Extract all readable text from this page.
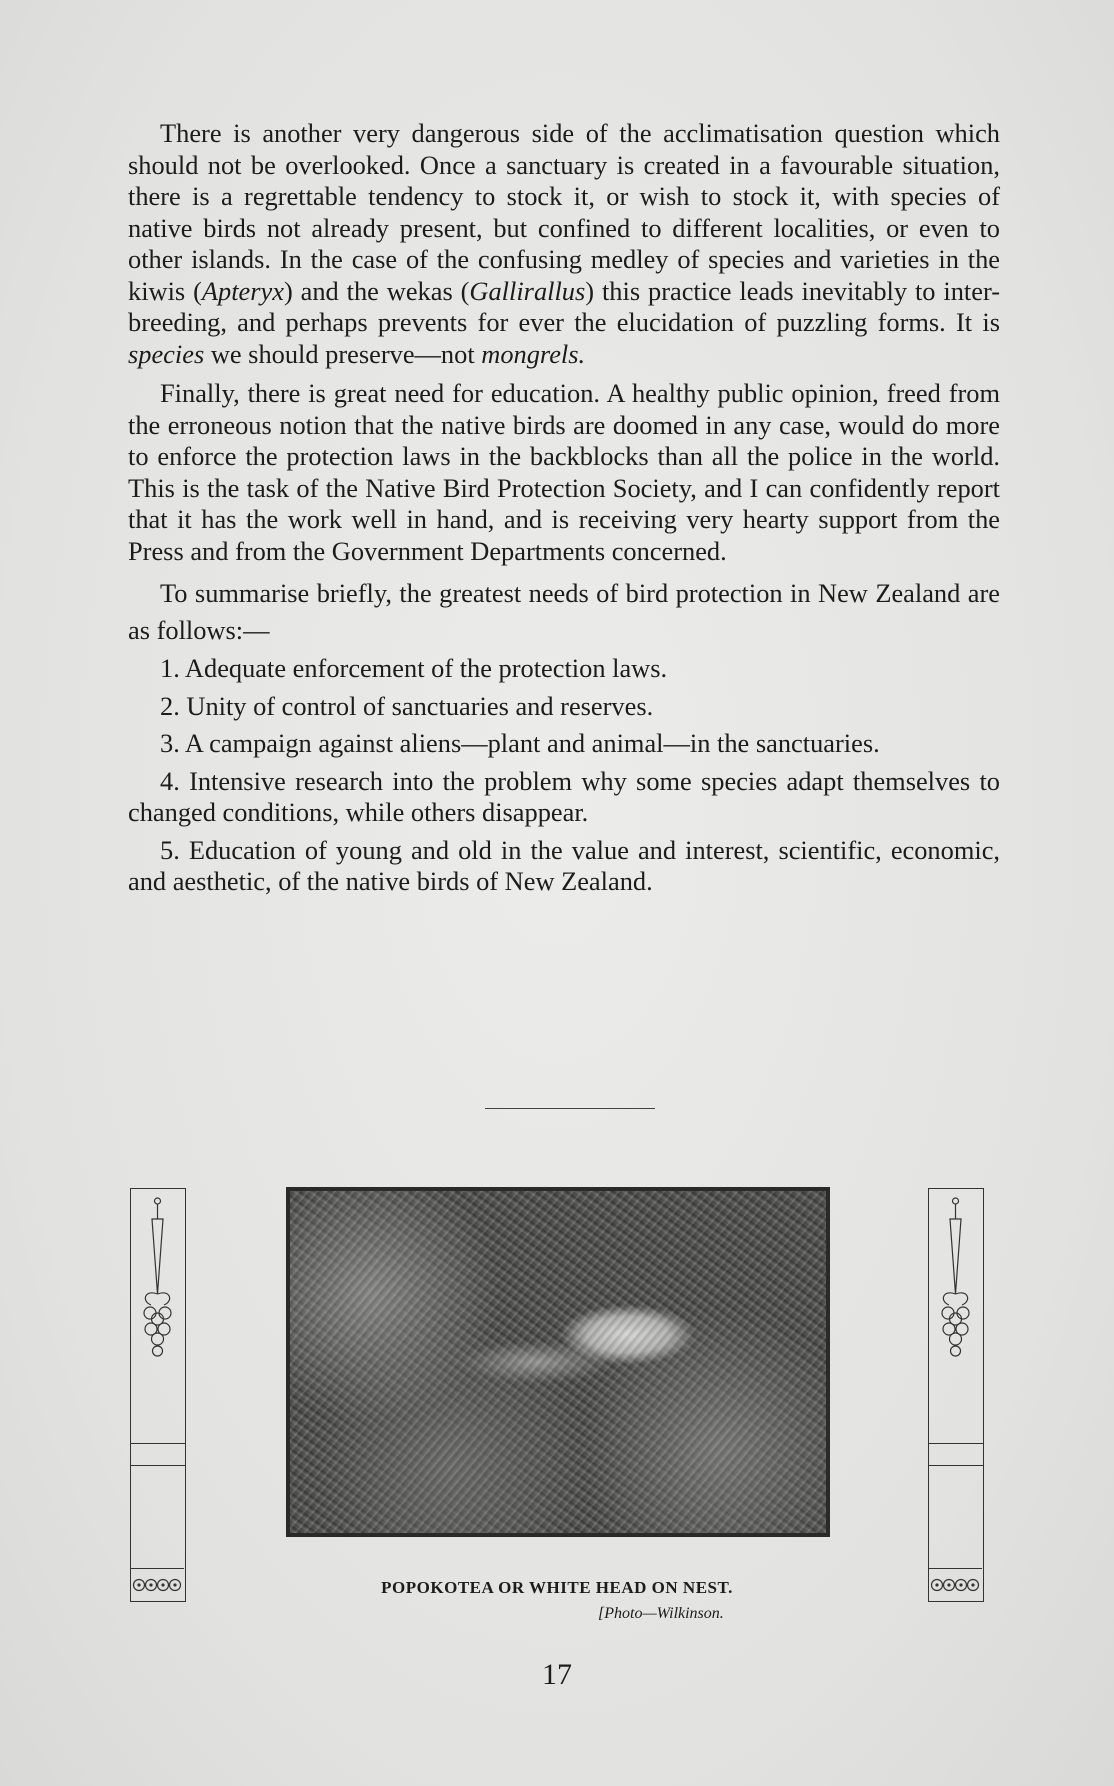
There is another very dangerous side of the acclimatisation question which should not be overlooked. Once a sanctuary is created in a favourable situation, there is a regrettable tendency to stock it, or wish to stock it, with species of native birds not already present, but confined to different localities, or even to other islands. In the case of the confusing medley of species and varieties in the kiwis (Apteryx) and the wekas (Gallirallus) this practice leads inevitably to inter-breeding, and perhaps prevents for ever the elucidation of puzzling forms. It is species we should preserve—not mongrels.

Finally, there is great need for education. A healthy public opinion, freed from the erroneous notion that the native birds are doomed in any case, would do more to enforce the protection laws in the backblocks than all the police in the world. This is the task of the Native Bird Protection Society, and I can confidently report that it has the work well in hand, and is receiving very hearty support from the Press and from the Government Departments concerned.

To summarise briefly, the greatest needs of bird protection in New Zealand are as follows:—

1. Adequate enforcement of the protection laws.
2. Unity of control of sanctuaries and reserves.
3. A campaign against aliens—plant and animal—in the sanctuaries.
4. Intensive research into the problem why some species adapt themselves to changed conditions, while others disappear.
5. Education of young and old in the value and interest, scientific, economic, and aesthetic, of the native birds of New Zealand.
POPOKOTEA OR WHITE HEAD ON NEST.
[Photo—Wilkinson.
17
